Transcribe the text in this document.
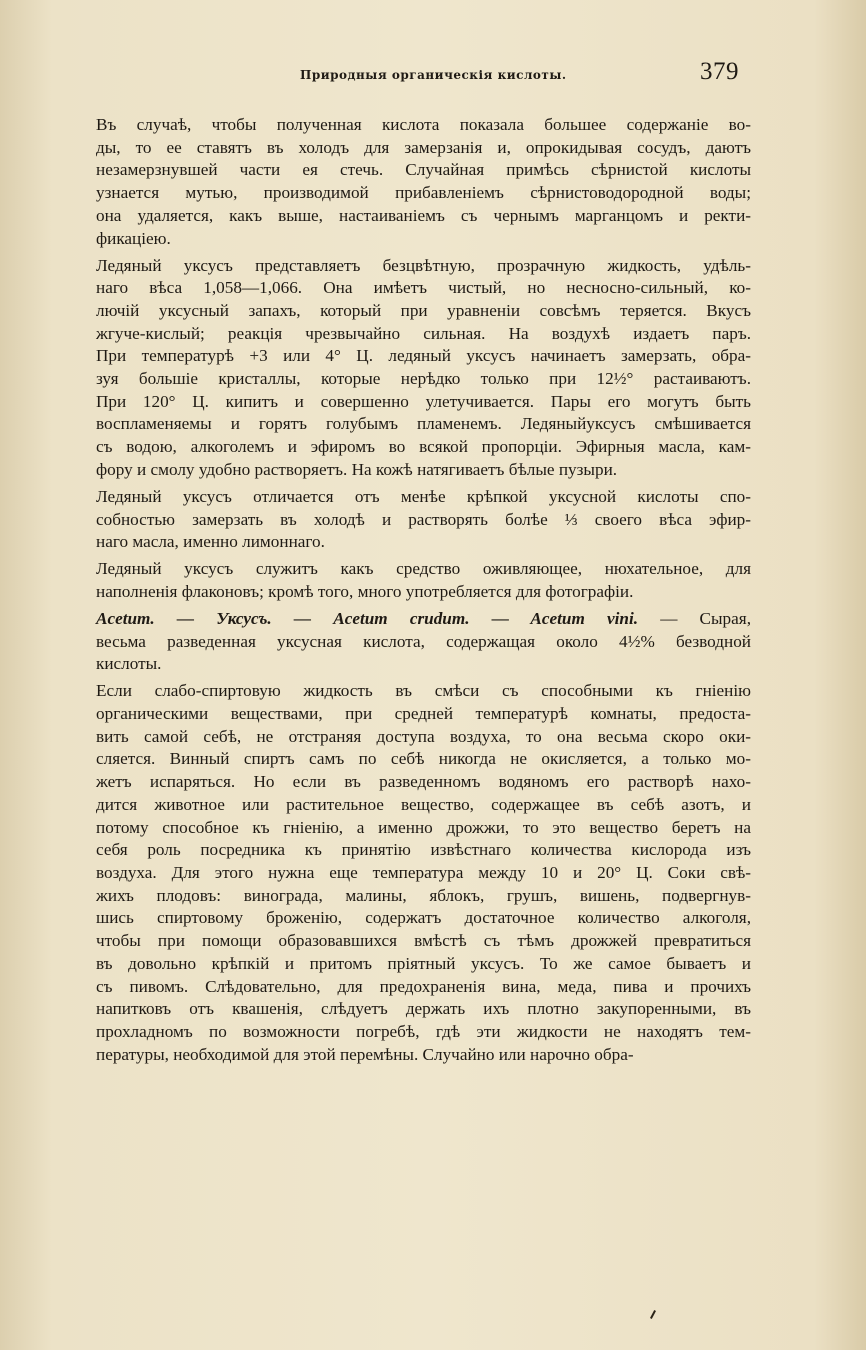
Природныя органическія кислоты.	379

Въ случаѣ, чтобы полученная кислота показала большее содержаніе во-
ды, то ее ставятъ въ холодъ для замерзанія и, опрокидывая сосудъ, даютъ
незамерзнувшей части ея стечь. Случайная примѣсь сѣрнистой кислоты
узнается мутью, производимой прибавленіемъ сѣрнистоводородной воды;
она удаляется, какъ выше, настаиваніемъ съ чернымъ марганцомъ и ректи-
фикаціею.

Ледяный уксусъ представляетъ безцвѣтную, прозрачную жидкость, удѣль-
наго вѣса 1,058—1,066. Она имѣетъ чистый, но несносно-сильный, ко-
лючій уксусный запахъ, который при уравненіи совсѣмъ теряется. Вкусъ
жгуче-кислый; реакція чрезвычайно сильная. На воздухѣ издаетъ паръ.
При температурѣ +3 или 4° Ц. ледяный уксусъ начинаетъ замерзать, обра-
зуя большіе кристаллы, которые нерѣдко только при 12½° растаиваютъ.
При 120° Ц. кипитъ и совершенно улетучивается. Пары его могутъ быть
воспламеняемы и горятъ голубымъ пламенемъ. Ледяныйуксусъ смѣшивается
съ водою, алкоголемъ и эфиромъ во всякой пропорціи. Эфирныя масла, кам-
фору и смолу удобно растворяетъ. На кожѣ натягиваетъ бѣлые пузыри.

Ледяный уксусъ отличается отъ менѣе крѣпкой уксусной кислоты спо-
собностью замерзать въ холодѣ и растворять болѣе ⅓ своего вѣса эфир-
наго масла, именно лимоннаго.

Ледяный уксусъ служитъ какъ средство оживляющее, нюхательное, для
наполненія флаконовъ; кромѣ того, много употребляется для фотографіи.

Acetum. — Уксусъ. — Acetum crudum. — Acetum vini. — Сырая,
весьма разведенная уксусная кислота, содержащая около 4½% безводной
кислоты.

Если слабо-спиртовую жидкость въ смѣси съ способными къ гніенію
органическими веществами, при средней температурѣ комнаты, предоста-
вить самой себѣ, не отстраняя доступа воздуха, то она весьма скоро оки-
сляется. Винный спиртъ самъ по себѣ никогда не окисляется, а только мо-
жетъ испаряться. Но если въ разведенномъ водяномъ его растворѣ нахо-
дится животное или растительное вещество, содержащее въ себѣ азотъ, и
потому способное къ гніенію, а именно дрожжи, то это вещество беретъ на
себя роль посредника къ принятію извѣстнаго количества кислорода изъ
воздуха. Для этого нужна еще температура между 10 и 20° Ц. Соки свѣ-
жихъ плодовъ: винограда, малины, яблокъ, грушъ, вишень, подвергнув-
шись спиртовому броженію, содержатъ достаточное количество алкоголя,
чтобы при помощи образовавшихся вмѣстѣ съ тѣмъ дрожжей превратиться
въ довольно крѣпкій и притомъ пріятный уксусъ. То же самое бываетъ и
съ пивомъ. Слѣдовательно, для предохраненія вина, меда, пива и прочихъ
напитковъ отъ квашенія, слѣдуетъ держать ихъ плотно закупоренными, въ
прохладномъ по возможности погребѣ, гдѣ эти жидкости не находятъ тем-
пературы, необходимой для этой перемѣны. Случайно или нарочно обра-
